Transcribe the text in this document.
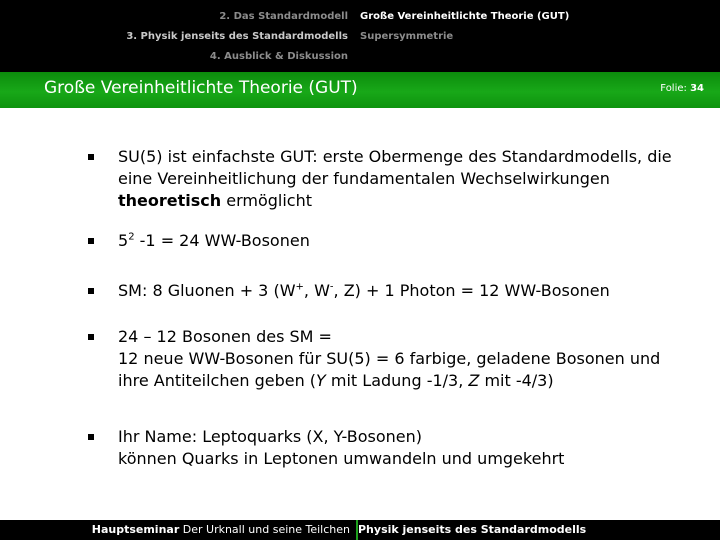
2. Das Standardmodell
3. Physik jenseits des Standardmodells
4. Ausblick & Diskussion
Große Vereinheitlichte Theorie (GUT)
Supersymmetrie
Große Vereinheitlichte Theorie (GUT)	Folie: 34
SU(5) ist einfachste GUT: erste Obermenge des Standardmodells, die eine Vereinheitlichung der fundamentalen Wechselwirkungen theoretisch ermöglicht
$5^2$ -1 = 24 WW-Bosonen
SM: 8 Gluonen + 3 (W+, W-, Z) + 1 Photon = 12 WW-Bosonen
24 – 12 Bosonen des SM =
12 neue WW-Bosonen für SU(5) = 6 farbige, geladene Bosonen und
ihre Antiteilchen geben (Y mit Ladung -1/3, Z mit -4/3)
Ihr Name: Leptoquarks (X, Y-Bosonen)
können Quarks in Leptonen umwandeln und umgekehrt
Hauptseminar Der Urknall und seine Teilchen Physik jenseits des Standardmodells
